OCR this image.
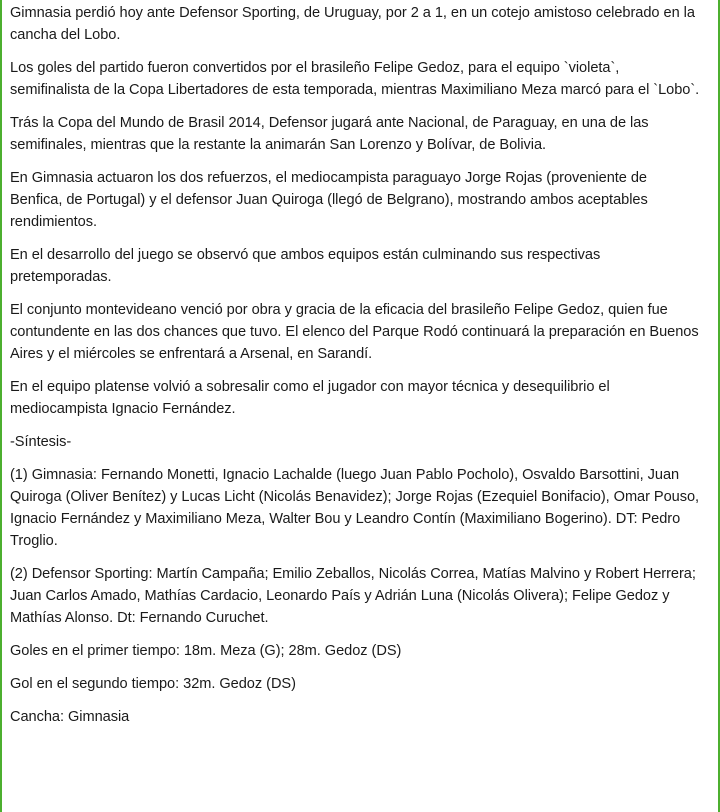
Gimnasia perdió hoy ante Defensor Sporting, de Uruguay, por 2 a 1, en un cotejo amistoso celebrado en la cancha del Lobo.

Los goles del partido fueron convertidos por el brasileño Felipe Gedoz, para el equipo `violeta`, semifinalista de la Copa Libertadores de esta temporada, mientras Maximiliano Meza marcó para el `Lobo`.

Trás la Copa del Mundo de Brasil 2014, Defensor jugará ante Nacional, de Paraguay, en una de las semifinales, mientras que la restante la animarán San Lorenzo y Bolívar, de Bolivia.

En Gimnasia actuaron los dos refuerzos, el mediocampista paraguayo Jorge Rojas (proveniente de Benfica, de Portugal) y el defensor Juan Quiroga (llegó de Belgrano), mostrando ambos aceptables rendimientos.

En el desarrollo del juego se observó que ambos equipos están culminando sus respectivas pretemporadas.

El conjunto montevideano venció por obra y gracia de la eficacia del brasileño Felipe Gedoz, quien fue contundente en las dos chances que tuvo. El elenco del Parque Rodó continuará la preparación en Buenos Aires y el miércoles se enfrentará a Arsenal, en Sarandí.

En el equipo platense volvió a sobresalir como el jugador con mayor técnica y desequilibrio el mediocampista Ignacio Fernández.

-Síntesis-

(1) Gimnasia: Fernando Monetti, Ignacio Lachalde (luego Juan Pablo Pocholo), Osvaldo Barsottini, Juan Quiroga (Oliver Benítez) y Lucas Licht (Nicolás Benavidez); Jorge Rojas (Ezequiel Bonifacio), Omar Pouso, Ignacio Fernández y Maximiliano Meza, Walter Bou y Leandro Contín (Maximiliano Bogerino). DT: Pedro Troglio.

(2) Defensor Sporting: Martín Campaña; Emilio Zeballos, Nicolás Correa, Matías Malvino y Robert Herrera; Juan Carlos Amado, Mathías Cardacio, Leonardo País y Adrián Luna (Nicolás Olivera); Felipe Gedoz y Mathías Alonso. Dt: Fernando Curuchet.

Goles en el primer tiempo: 18m. Meza (G); 28m. Gedoz (DS)

Gol en el segundo tiempo: 32m. Gedoz (DS)

Cancha: Gimnasia
